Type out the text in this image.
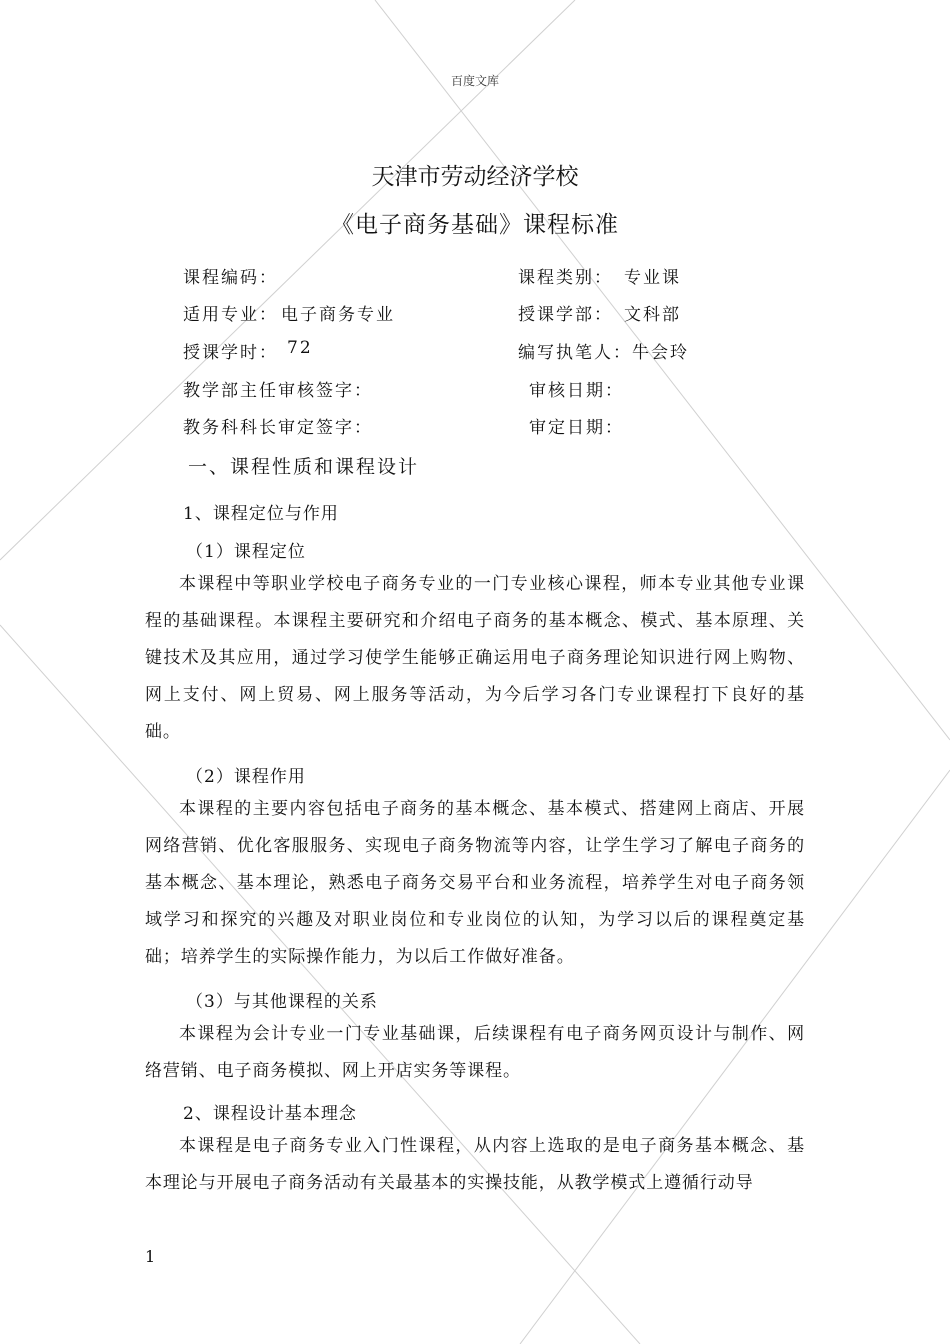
百度文库
天津市劳动经济学校
《电子商务基础》课程标准
课程编码：	课程类别： 专业课
适用专业： 电子商务专业	授课学部： 文科部
授课学时： 72	编写执笔人： 牛会玲
教学部主任审核签字：	审核日期：
教务科科长审定签字：	审定日期：
一、课程性质和课程设计
1、课程定位与作用
（1）课程定位

本课程中等职业学校电子商务专业的一门专业核心课程，师本专业其他专业课程的基础课程。本课程主要研究和介绍电子商务的基本概念、模式、基本原理、关键技术及其应用，通过学习使学生能够正确运用电子商务理论知识进行网上购物、网上支付、网上贸易、网上服务等活动，为今后学习各门专业课程打下良好的基础。

（2）课程作用

本课程的主要内容包括电子商务的基本概念、基本模式、搭建网上商店、开展网络营销、优化客服服务、实现电子商务物流等内容，让学生学习了解电子商务的基本概念、基本理论，熟悉电子商务交易平台和业务流程，培养学生对电子商务领域学习和探究的兴趣及对职业岗位和专业岗位的认知，为学习以后的课程奠定基础；培养学生的实际操作能力，为以后工作做好准备。

（3）与其他课程的关系

本课程为会计专业一门专业基础课，后续课程有电子商务网页设计与制作、网络营销、电子商务模拟、网上开店实务等课程。

2、课程设计基本理念

本课程是电子商务专业入门性课程，从内容上选取的是电子商务基本概念、基本理论与开展电子商务活动有关最基本的实操技能，从教学模式上遵循行动导

1
